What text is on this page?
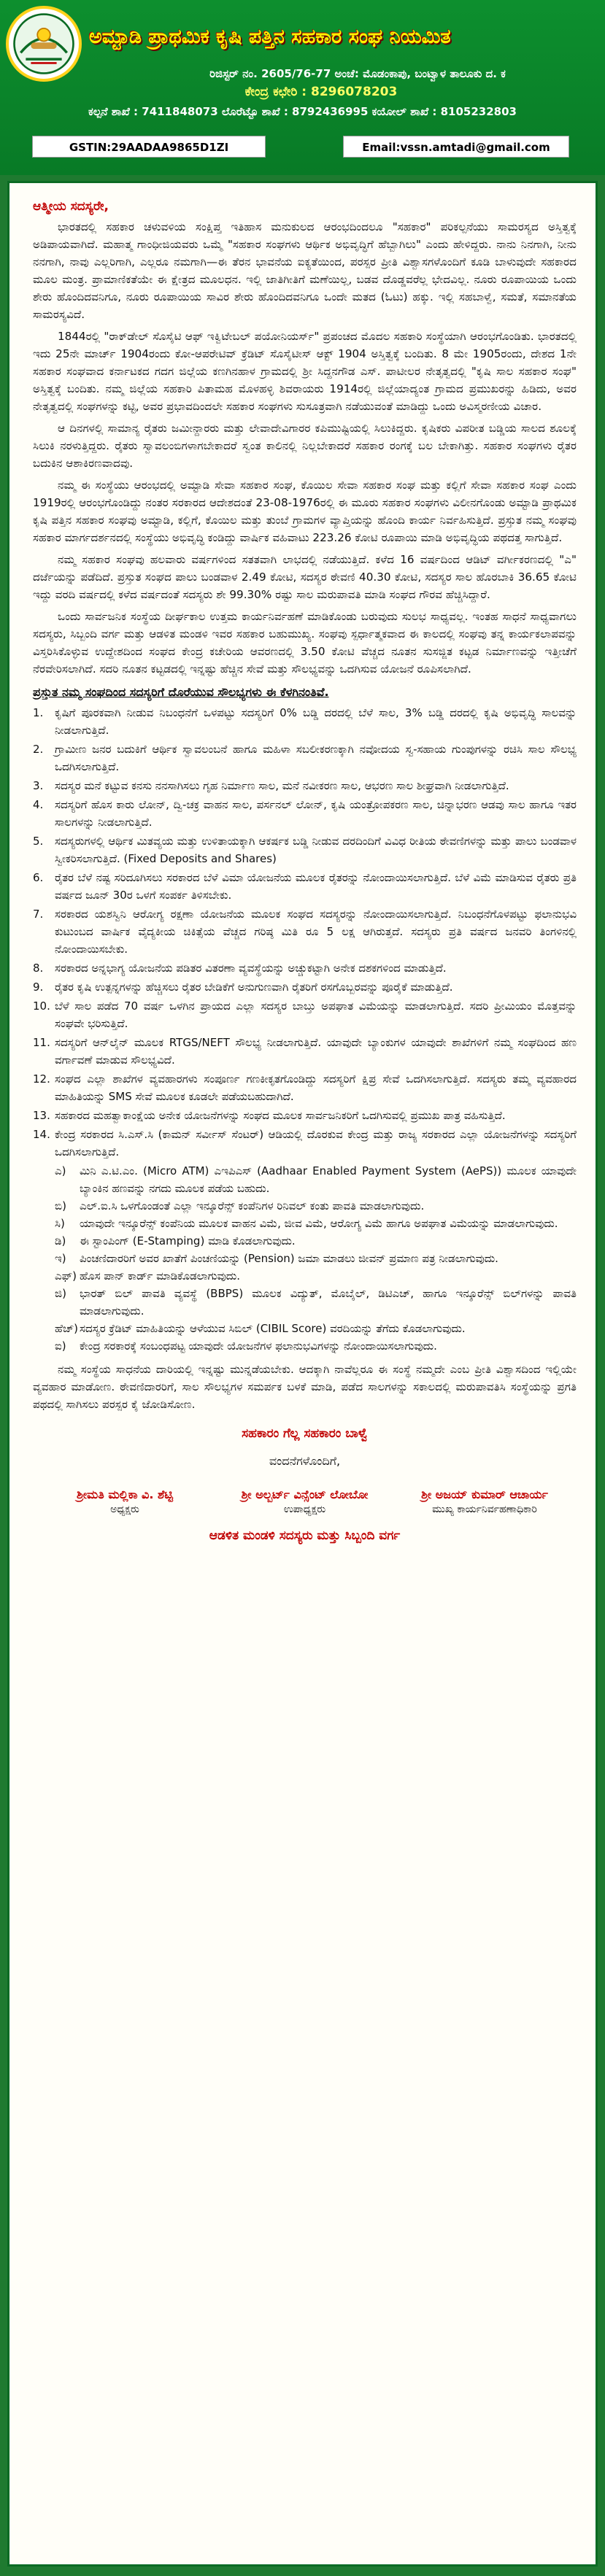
ಅಮ್ಟಾಡಿ ಪ್ರಾಥಮಿಕ ಕೃಷಿ ಪತ್ತಿನ ಸಹಕಾರ ಸಂಘ ನಿಯಮಿತ
ರಿಜಿಸ್ಟರ್ ನಂ. 2605/76-77 ಅಂಚೆ: ಮೊಡಂಕಾಪು, ಬಂಟ್ವಾಳ ತಾಲೂಕು ದ. ಕ
ಕೇಂದ್ರ ಕಛೇರಿ : 8296078203
ಕಲ್ಪನೆ ಶಾಖೆ : 7411848073 ಲೊರೆಟ್ಟೊ ಶಾಖೆ : 8792436995 ಕಯೋಲ್ ಶಾಖೆ : 8105232803
GSTIN:29AADAA9865D1ZI	Email:vssn.amtadi@gmail.com
ಆತ್ಮೀಯ ಸದಸ್ಯರೇ,

ಭಾರತದಲ್ಲಿ ಸಹಕಾರ ಚಳುವಳಿಯ ಸಂಕ್ಷಿಪ್ತ ಇತಿಹಾಸ ಮನುಕುಲದ ಆರಂಭದಿಂದಲೂ "ಸಹಕಾರ" ಪರಿಕಲ್ಪನೆಯು ಸಾಮರಸ್ಯದ ಅಸ್ತಿತ್ವಕ್ಕೆ ಅಡಿಪಾಯವಾಗಿದೆ. ಮಹಾತ್ಮ ಗಾಂಧೀಜಿಯವರು ಒಮ್ಮೆ "ಸಹಕಾರ ಸಂಘಗಳು ಆರ್ಥಿಕ ಅಭಿವೃದ್ಧಿಗೆ ಹೆಬ್ಬಾಗಿಲು" ಎಂದು ಹೇಳಿದ್ದರು. ನಾನು ನಿನಗಾಗಿ, ನೀನು ನನಗಾಗಿ, ನಾವು ಎಲ್ಲರಿಗಾಗಿ, ಎಲ್ಲರೂ ನಮಗಾಗಿ—ಈ ತೆರನ ಭಾವನೆಯ ಐಕ್ಯತೆಯಿಂದ, ಪರಸ್ಪರ ಪ್ರೀತಿ ವಿಶ್ವಾಸಗಳೊಂದಿಗೆ ಕೂಡಿ ಬಾಳುವುದೇ ಸಹಕಾರದ ಮೂಲ ಮಂತ್ರ. ಪ್ರಾಮಾಣಿಕತೆಯೇ ಈ ಕ್ಷೇತ್ರದ ಮೂಲಧನ. ಇಲ್ಲಿ ಜಾತಿಗೀತಿಗೆ ಮಣೆಯಿಲ್ಲ, ಬಡವ ದೊಡ್ಡವರೆಲ್ಲ ಭೇದವಿಲ್ಲ. ನೂರು ರೂಪಾಯಿಯ ಒಂದು ಶೇರು ಹೊಂದಿದವನಿಗೂ, ನೂರು ರೂಪಾಯಿಯ ಸಾವಿರ ಶೇರು ಹೊಂದಿದವನಿಗೂ ಒಂದೇ ಮತದ (ಓಟು) ಹಕ್ಕು. ಇಲ್ಲಿ ಸಹಬಾಳ್ವೆ, ಸಮತೆ, ಸಮಾನತೆಯ ಸಾಮರಸ್ಯವಿದೆ.

1844ರಲ್ಲಿ "ರಾಕ್‌ಡೇಲ್ ಸೊಸೈಟಿ ಆಫ್ ಇಕ್ವಿಟೇಬಲ್ ಪಯೋನಿಯರ್ಸ್" ಪ್ರಪಂಚದ ಮೊದಲ ಸಹಕಾರಿ ಸಂಸ್ಥೆಯಾಗಿ ಆರಂಭಗೊಂಡಿತು. ಭಾರತದಲ್ಲಿ ಇದು 25ನೇ ಮಾರ್ಚ್ 1904ರಂದು ಕೋ-ಆಪರೇಟಿವ್ ಕ್ರೆಡಿಟ್ ಸೊಸೈಟೀಸ್ ಆಕ್ಟ್ 1904 ಅಸ್ತಿತ್ವಕ್ಕೆ ಬಂದಿತು. 8 ಮೇ 1905ರಂದು, ದೇಶದ 1ನೇ ಸಹಕಾರ ಸಂಘವಾದ ಕರ್ನಾಟಕದ ಗದಗ ಜಿಲ್ಲೆಯ ಕಣಗಿನಹಾಳ ಗ್ರಾಮದಲ್ಲಿ ಶ್ರೀ ಸಿದ್ದನಗೌಡ ಎಸ್. ಪಾಟೀಲರ ನೇತೃತ್ವದಲ್ಲಿ "ಕೃಷಿ ಸಾಲ ಸಹಕಾರ ಸಂಘ" ಅಸ್ತಿತ್ವಕ್ಕೆ ಬಂದಿತು. ನಮ್ಮ ಜಿಲ್ಲೆಯ ಸಹಕಾರಿ ಪಿತಾಮಹ ಮೊಳಹಳ್ಳಿ ಶಿವರಾಯರು 1914ರಲ್ಲಿ ಜಿಲ್ಲೆಯಾದ್ಯಂತ ಗ್ರಾಮದ ಪ್ರಮುಖರನ್ನು ಹಿಡಿದು, ಅವರ ನೇತೃತ್ವದಲ್ಲಿ ಸಂಘಗಳನ್ನು ಕಟ್ಟಿ, ಅವರ ಪ್ರಭಾವದಿಂದಲೇ ಸಹಕಾರ ಸಂಘಗಳು ಸುಸೂತ್ರವಾಗಿ ನಡೆಯುವಂತೆ ಮಾಡಿದ್ದು ಒಂದು ಅವಿಸ್ಮರಣೀಯ ವಿಚಾರ.

ಆ ದಿನಗಳಲ್ಲಿ ಸಾಮಾನ್ಯ ರೈತರು ಜಮೀನ್ದಾರರು ಮತ್ತು ಲೇವಾದೇವಿಗಾರರ ಕಪಿಮುಷ್ಟಿಯಲ್ಲಿ ಸಿಲುಕಿದ್ದರು. ಕೃಷಿಕರು ವಿಪರೀತ ಬಡ್ಡಿಯ ಸಾಲದ ಶೂಲಕ್ಕೆ ಸಿಲುಕಿ ನರಳುತ್ತಿದ್ದರು. ರೈತರು ಸ್ವಾವಲಂಬಿಗಳಾಗಬೇಕಾದರೆ ಸ್ವಂತ ಕಾಲಿನಲ್ಲಿ ನಿಲ್ಲಬೇಕಾದರೆ ಸಹಕಾರ ರಂಗಕ್ಕೆ ಬಲ ಬೇಕಾಗಿತ್ತು. ಸಹಕಾರ ಸಂಘಗಳು ರೈತರ ಬದುಕಿನ ಆಶಾಕಿರಣವಾದವು.

ನಮ್ಮ ಈ ಸಂಸ್ಥೆಯು ಆರಂಭದಲ್ಲಿ ಅಮ್ಟಾಡಿ ಸೇವಾ ಸಹಕಾರ ಸಂಘ, ಕೊಯಿಲ ಸೇವಾ ಸಹಕಾರ ಸಂಘ ಮತ್ತು ಕಲ್ಲಿಗೆ ಸೇವಾ ಸಹಕಾರ ಸಂಘ ಎಂದು 1919ರಲ್ಲಿ ಆರಂಭಗೊಂಡಿದ್ದು ನಂತರ ಸರಕಾರದ ಆದೇಶದಂತೆ 23-08-1976ರಲ್ಲಿ ಈ ಮೂರು ಸಹಕಾರ ಸಂಘಗಳು ವಿಲೀನಗೊಂಡು ಅಮ್ಟಾಡಿ ಪ್ರಾಥಮಿಕ ಕೃಷಿ ಪತ್ತಿನ ಸಹಕಾರ ಸಂಘವು ಅಮ್ಟಾಡಿ, ಕಲ್ಲಿಗೆ, ಕೊಯಿಲ ಮತ್ತು ತುಂಬೆ ಗ್ರಾಮಗಳ ವ್ಯಾಪ್ತಿಯನ್ನು ಹೊಂದಿ ಕಾರ್ಯ ನಿರ್ವಹಿಸುತ್ತಿದೆ. ಪ್ರಸ್ತುತ ನಮ್ಮ ಸಂಘವು ಸಹಕಾರ ಮಾರ್ಗದರ್ಶನದಲ್ಲಿ ಸಂಸ್ಥೆಯು ಅಭಿವೃದ್ಧಿ ಕಂಡಿದ್ದು ವಾರ್ಷಿಕ ವಹಿವಾಟು 223.26 ಕೋಟಿ ರೂಪಾಯಿ ಮಾಡಿ ಅಭಿವೃದ್ಧಿಯ ಪಥದತ್ತ ಸಾಗುತ್ತಿದೆ.

ನಮ್ಮ ಸಹಕಾರ ಸಂಘವು ಹಲವಾರು ವರ್ಷಗಳಿಂದ ಸತತವಾಗಿ ಲಾಭದಲ್ಲಿ ನಡೆಯುತ್ತಿದೆ. ಕಳೆದ 16 ವರ್ಷದಿಂದ ಆಡಿಟ್ ವರ್ಗೀಕರಣದಲ್ಲಿ "ಎ" ದರ್ಜೆಯನ್ನು ಪಡೆದಿದೆ. ಪ್ರಸ್ತುತ ಸಂಘದ ಪಾಲು ಬಂಡವಾಳ 2.49 ಕೋಟಿ, ಸದಸ್ಯರ ಠೇವಣಿ 40.30 ಕೋಟಿ, ಸದಸ್ಯರ ಸಾಲ ಹೊರಬಾಕಿ 36.65 ಕೋಟಿ ಇದ್ದು ವರದಿ ವರ್ಷದಲ್ಲಿ ಕಳೆದ ವರ್ಷದಂತೆ ಸದಸ್ಯರು ಶೇ 99.30% ರಷ್ಟು ಸಾಲ ಮರುಪಾವತಿ ಮಾಡಿ ಸಂಘದ ಗೌರವ ಹೆಚ್ಚಿಸಿದ್ದಾರೆ.

ಒಂದು ಸಾರ್ವಜನಿಕ ಸಂಸ್ಥೆಯ ದೀರ್ಘಕಾಲ ಉತ್ತಮ ಕಾರ್ಯನಿರ್ವಹಣೆ ಮಾಡಿಕೊಂಡು ಬರುವುದು ಸುಲಭ ಸಾಧ್ಯವಲ್ಲ. ಇಂತಹ ಸಾಧನೆ ಸಾಧ್ಯವಾಗಲು ಸದಸ್ಯರು, ಸಿಬ್ಬಂದಿ ವರ್ಗ ಮತ್ತು ಆಡಳಿತ ಮಂಡಳಿ ಇವರ ಸಹಕಾರ ಬಹುಮುಖ್ಯ. ಸಂಘವು ಸ್ಪರ್ಧಾತ್ಮಕವಾದ ಈ ಕಾಲದಲ್ಲಿ ಸಂಘವು ತನ್ನ ಕಾರ್ಯಕಲಾಪವನ್ನು ವಿಸ್ತರಿಸಿಕೊಳ್ಳುವ ಉದ್ದೇಶದಿಂದ ಸಂಘದ ಕೇಂದ್ರ ಕಚೇರಿಯ ಆವರಣದಲ್ಲಿ 3.50 ಕೋಟಿ ವೆಚ್ಚದ ನೂತನ ಸುಸಜ್ಜಿತ ಕಟ್ಟಡ ನಿರ್ಮಾಣವನ್ನು ಇತ್ತೀಚೆಗೆ ನೆರವೇರಿಸಲಾಗಿದೆ. ಸದರಿ ನೂತನ ಕಟ್ಟಡದಲ್ಲಿ ಇನ್ನಷ್ಟು ಹೆಚ್ಚಿನ ಸೇವೆ ಮತ್ತು ಸೌಲಭ್ಯವನ್ನು ಒದಗಿಸುವ ಯೋಜನೆ ರೂಪಿಸಲಾಗಿದೆ.

ಪ್ರಸ್ತುತ ನಮ್ಮ ಸಂಘದಿಂದ ಸದಸ್ಯರಿಗೆ ದೊರೆಯುವ ಸೌಲಭ್ಯಗಳು ಈ ಕೆಳಗಿನಂತಿವೆ.
1.	ಕೃಷಿಗೆ ಪೂರಕವಾಗಿ ನೀಡುವ ನಿಬಂಧನೆಗೆ ಒಳಪಟ್ಟು ಸದಸ್ಯರಿಗೆ 0% ಬಡ್ಡಿ ದರದಲ್ಲಿ ಬೆಳೆ ಸಾಲ, 3% ಬಡ್ಡಿ ದರದಲ್ಲಿ ಕೃಷಿ ಅಭಿವೃದ್ಧಿ ಸಾಲವನ್ನು ನೀಡಲಾಗುತ್ತಿದೆ.
2.	ಗ್ರಾಮೀಣ ಜನರ ಬದುಕಿಗೆ ಆರ್ಥಿಕ ಸ್ವಾವಲಂಬನೆ ಹಾಗೂ ಮಹಿಳಾ ಸಬಲೀಕರಣಕ್ಕಾಗಿ ನವೋದಯ ಸ್ವ-ಸಹಾಯ ಗುಂಪುಗಳನ್ನು ರಚಿಸಿ ಸಾಲ ಸೌಲಭ್ಯ ಒದಗಿಸಲಾಗುತ್ತಿದೆ.
3.	ಸದಸ್ಯರ ಮನೆ ಕಟ್ಟುವ ಕನಸು ನನಸಾಗಿಸಲು ಗೃಹ ನಿರ್ಮಾಣ ಸಾಲ, ಮನೆ ನವೀಕರಣ ಸಾಲ, ಆಭರಣ ಸಾಲ ಶೀಘ್ರವಾಗಿ ನೀಡಲಾಗುತ್ತಿದೆ.
4.	ಸದಸ್ಯರಿಗೆ ಹೊಸ ಕಾರು ಲೋನ್, ದ್ವಿ-ಚಕ್ರ ವಾಹನ ಸಾಲ, ಪರ್ಸನಲ್ ಲೋನ್, ಕೃಷಿ ಯಂತ್ರೋಪಕರಣ ಸಾಲ, ಚಿನ್ನಾಭರಣ ಆಡವು ಸಾಲ ಹಾಗೂ ಇತರ ಸಾಲಗಳನ್ನು ನೀಡಲಾಗುತ್ತಿದೆ.
5.	ಸದಸ್ಯರುಗಳಲ್ಲಿ ಆರ್ಥಿಕ ಮಿತವ್ಯಯ ಮತ್ತು ಉಳಿತಾಯಕ್ಕಾಗಿ ಆಕರ್ಷಕ ಬಡ್ಡಿ ನೀಡುವ ದರದಿಂದಿಗೆ ವಿವಿಧ ರೀತಿಯ ಠೇವಣಿಗಳನ್ನು ಮತ್ತು ಪಾಲು ಬಂಡವಾಳ ಸ್ವೀಕರಿಸಲಾಗುತ್ತಿದೆ. (Fixed Deposits and Shares)
6.	ರೈತರ ಬೆಳೆ ನಷ್ಟ ಸರಿದೂಗಿಸಲು ಸರಕಾರದ ಬೆಳೆ ವಿಮಾ ಯೋಜನೆಯ ಮೂಲಕ ರೈತರನ್ನು ನೋಂದಾಯಿಸಲಾಗುತ್ತಿದೆ. ಬೆಳೆ ವಿಮೆ ಮಾಡಿಸುವ ರೈತರು ಪ್ರತಿ ವರ್ಷದ ಜೂನ್ 30ರ ಒಳಗೆ ಸಂಪರ್ಕ ತಿಳಿಸಬೇಕು.
7.	ಸರಕಾರದ ಯಶಸ್ವಿನಿ ಆರೋಗ್ಯ ರಕ್ಷಣಾ ಯೋಜನೆಯ ಮೂಲಕ ಸಂಘದ ಸದಸ್ಯರನ್ನು ನೋಂದಾಯಿಸಲಾಗುತ್ತಿದೆ. ನಿಬಂಧನೆಗೊಳಪಟ್ಟು ಫಲಾನುಭವಿ ಕುಟುಂಬದ ವಾರ್ಷಿಕ ವೈದ್ಯಕೀಯ ಚಿಕಿತ್ಸೆಯ ವೆಚ್ಚದ ಗರಿಷ್ಠ ಮಿತಿ ರೂ 5 ಲಕ್ಷ ಆಗಿರುತ್ತದೆ. ಸದಸ್ಯರು ಪ್ರತಿ ವರ್ಷದ ಜನವರಿ ತಿಂಗಳಿನಲ್ಲಿ ನೋಂದಾಯಿಸಬೇಕು.
8.	ಸರಕಾರದ ಅನ್ನಭಾಗ್ಯ ಯೋಜನೆಯ ಪಡಿತರ ವಿತರಣಾ ವ್ಯವಸ್ಥೆಯನ್ನು ಅಚ್ಚುಕಟ್ಟಾಗಿ ಅನೇಕ ದಶಕಗಳಿಂದ ಮಾಡುತ್ತಿದೆ.
9.	ರೈತರ ಕೃಷಿ ಉತ್ಪನ್ನಗಳನ್ನು ಹೆಚ್ಚಿಸಲು ರೈತರ ಬೇಡಿಕೆಗೆ ಅನುಗುಣವಾಗಿ ರೈತರಿಗೆ ರಸಗೊಬ್ಬರವನ್ನು ಪೂರೈಕೆ ಮಾಡುತ್ತಿದೆ.
10. ಬೆಳೆ ಸಾಲ ಪಡೆದ 70 ವರ್ಷ ಒಳಗಿನ ಪ್ರಾಯದ ಎಲ್ಲಾ ಸದಸ್ಯರ ಬಾಬ್ತು ಅಪಘಾತ ವಿಮೆಯನ್ನು ಮಾಡಲಾಗುತ್ತಿದೆ. ಸದರಿ ಪ್ರೀಮಿಯಂ ಮೊತ್ತವನ್ನು ಸಂಘವೇ ಭರಿಸುತ್ತಿದೆ.
11. ಸದಸ್ಯರಿಗೆ ಆನ್‌ಲೈನ್ ಮೂಲಕ RTGS/NEFT ಸೌಲಭ್ಯ ನೀಡಲಾಗುತ್ತಿದೆ. ಯಾವುದೇ ಬ್ಯಾಂಕುಗಳ ಯಾವುದೇ ಶಾಖೆಗಳಿಗೆ ನಮ್ಮ ಸಂಘದಿಂದ ಹಣ ವರ್ಗಾವಣೆ ಮಾಡುವ ಸೌಲಭ್ಯವಿದೆ.
12. ಸಂಘದ ಎಲ್ಲಾ ಶಾಖೆಗಳ ವ್ಯವಹಾರಗಳು ಸಂಪೂರ್ಣ ಗಣಕೀಕೃತಗೊಂಡಿದ್ದು ಸದಸ್ಯರಿಗೆ ಕ್ಷಿಪ್ರ ಸೇವೆ ಒದಗಿಸಲಾಗುತ್ತಿದೆ. ಸದಸ್ಯರು ತಮ್ಮ ವ್ಯವಹಾರದ ಮಾಹಿತಿಯನ್ನು SMS ಸೇವೆ ಮೂಲಕ ಕೂಡಲೇ ಪಡೆಯಬಹುದಾಗಿದೆ.
13. ಸಹಕಾರದ ಮಹತ್ವಾಕಾಂಕ್ಷೆಯ ಅನೇಕ ಯೋಜನೆಗಳನ್ನು ಸಂಘದ ಮೂಲಕ ಸಾರ್ವಜನಿಕರಿಗೆ ಒದಗಿಸುವಲ್ಲಿ ಪ್ರಮುಖ ಪಾತ್ರ ವಹಿಸುತ್ತಿದೆ.
14. ಕೇಂದ್ರ ಸರಕಾರದ ಸಿ.ಎಸ್.ಸಿ (ಕಾಮನ್ ಸರ್ವೀಸ್ ಸೆಂಟರ್) ಆಡಿಯಲ್ಲಿ ದೊರಕುವ ಕೇಂದ್ರ ಮತ್ತು ರಾಜ್ಯ ಸರಕಾರದ ಎಲ್ಲಾ ಯೋಜನೆಗಳನ್ನು ಸದಸ್ಯರಿಗೆ ಒದಗಿಸಲಾಗುತ್ತಿದೆ.
ಎ)	ಮಿನಿ ಎ.ಟಿ.ಎಂ. (Micro ATM) ಎಇಪಿಎಸ್ (Aadhaar Enabled Payment System (AePS)) ಮೂಲಕ ಯಾವುದೇ ಬ್ಯಾಂಕಿನ ಹಣವನ್ನು ನಗದು ಮೂಲಕ ಪಡೆಯ ಬಹುದು.
ಬಿ)	ಎಲ್.ಐ.ಸಿ ಒಳಗೊಂಡಂತೆ ಎಲ್ಲಾ ಇನ್ಶೂರೆನ್ಸ್ ಕಂಪೆನಿಗಳ ರಿನಿವಲ್ ಕಂತು ಪಾವತಿ ಮಾಡಲಾಗುವುದು.
ಸಿ)	ಯಾವುದೇ ಇನ್ಶೂರೆನ್ಸ್ ಕಂಪೆನಿಯ ಮೂಲಕ ವಾಹನ ವಿಮೆ, ಜೀವ ವಿಮೆ, ಆರೋಗ್ಯ ವಿಮೆ ಹಾಗೂ ಅಪಘಾತ ವಿಮೆಯನ್ನು ಮಾಡಲಾಗುವುದು.
ಡಿ)	ಈ ಸ್ಟಾಂಪಿಂಗ್ (E-Stamping) ಮಾಡಿ ಕೊಡಲಾಗುವುದು.
ಇ)	ಪಿಂಚಣಿದಾರರಿಗೆ ಅವರ ಖಾತೆಗೆ ಪಿಂಚಣಿಯನ್ನು (Pension) ಜಮಾ ಮಾಡಲು ಜೀವನ್ ಪ್ರಮಾಣ ಪತ್ರ ನೀಡಲಾಗುವುದು.
ಎಫ್) ಹೊಸ ಪಾನ್ ಕಾರ್ಡ್ ಮಾಡಿಕೊಡಲಾಗುವುದು.
ಜಿ)	ಭಾರತ್ ಬಿಲ್ ಪಾವತಿ ವ್ಯವಸ್ಥೆ (BBPS) ಮೂಲಕ ವಿದ್ಯುತ್, ಮೊಬೈಲ್, ಡಿಟಿಎಚ್, ಹಾಗೂ ಇನ್ಶೂರೆನ್ಸ್ ಬಿಲ್‌ಗಳನ್ನು ಪಾವತಿ ಮಾಡಲಾಗುವುದು.
ಹೆಚ್) ಸದಸ್ಯರ ಕ್ರೆಡಿಟ್ ಮಾಹಿತಿಯನ್ನು ಆಳೆಯುವ ಸಿಬಿಲ್ (CIBIL Score) ವರದಿಯನ್ನು ತೆಗೆದು ಕೊಡಲಾಗುವುದು.
ಐ)	ಕೇಂದ್ರ ಸರಕಾರಕ್ಕೆ ಸಂಬಂಧಪಟ್ಟ ಯಾವುದೇ ಯೋಜನೆಗಳ ಫಲಾನುಭವಿಗಳನ್ನು ನೋಂದಾಯಿಸಲಾಗುವುದು.

ನಮ್ಮ ಸಂಸ್ಥೆಯ ಸಾಧನೆಯ ದಾರಿಯಲ್ಲಿ ಇನ್ನಷ್ಟು ಮುನ್ನಡೆಯಬೇಕು. ಆದಕ್ಕಾಗಿ ನಾವೆಲ್ಲರೂ ಈ ಸಂಸ್ಥೆ ನಮ್ಮದೇ ಎಂಬ ಪ್ರೀತಿ ವಿಶ್ವಾಸದಿಂದ ಇಲ್ಲಿಯೇ ವ್ಯವಹಾರ ಮಾಡೋಣ. ಠೇವಣಿದಾರರಿಗೆ, ಸಾಲ ಸೌಲಭ್ಯಗಳ ಸಮರ್ಪಕ ಬಳಕೆ ಮಾಡಿ, ಪಡೆದ ಸಾಲಗಳನ್ನು ಸಕಾಲದಲ್ಲಿ ಮರುಪಾವತಿಸಿ ಸಂಸ್ಥೆಯನ್ನು ಪ್ರಗತಿ ಪಥದಲ್ಲಿ ಸಾಗಿಸಲು ಪರಸ್ಪರ ಕೈ ಜೋಡಿಸೋಣ.

ಸಹಕಾರಂ ಗೆಲ್ಲ ಸಹಕಾರಂ ಬಾಳ್ವೆ
ವಂದನೆಗಳೊಂದಿಗೆ,
ಶ್ರೀಮತಿ ಮಲ್ಲಿಕಾ ವಿ. ಶೆಟ್ಟಿ
ಅಧ್ಯಕ್ಷರು
ಶ್ರೀ ಅಲ್ಬರ್ಟ್ ವಿನ್ಸೆಂಟ್ ಲೋಬೋ
ಉಪಾಧ್ಯಕ್ಷರು
ಶ್ರೀ ಅಜಯ್ ಕುಮಾರ್ ಆಚಾರ್ಯ
ಮುಖ್ಯ ಕಾರ್ಯನಿರ್ವಹಣಾಧಿಕಾರಿ
ಆಡಳಿತ ಮಂಡಳಿ ಸದಸ್ಯರು ಮತ್ತು ಸಿಬ್ಬಂದಿ ವರ್ಗ
